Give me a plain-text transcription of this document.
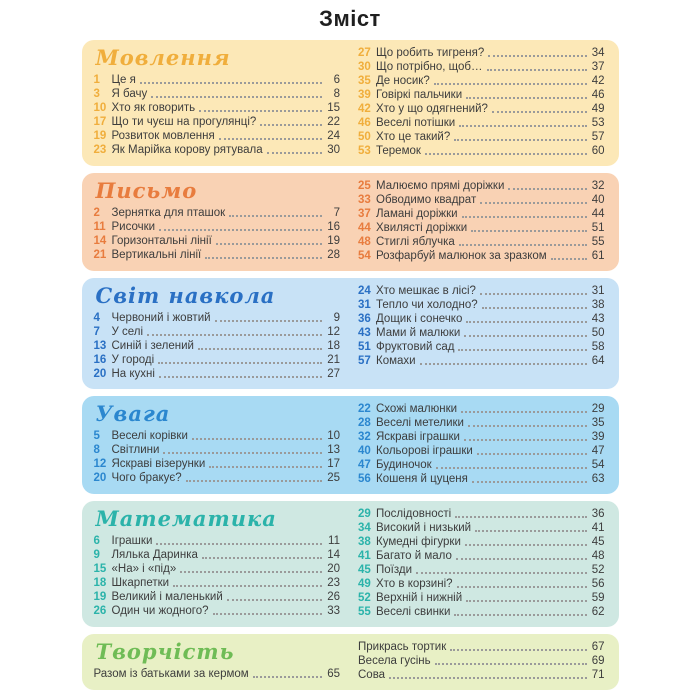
Зміст
Мовлення
1	Це я	6
3	Я бачу	8
10 Хто як говорить	15
17 Що ти чуєш на прогулянці?	22
19 Розвиток мовлення	24
23 Як Марійка корову рятувала	30
27 Що робить тигреня?	34
30 Що потрібно, щоб…	37
35 Де носик?	42
39 Говіркі пальчики	46
42 Хто у що одягнений?	49
46 Веселі потішки	53
50 Хто це такий?	57
53 Теремок	60
Письмо
2	Зернятка для пташок	7
11 Рисочки	16
14 Горизонтальні лінії	19
21 Вертикальні лінії	28
25 Малюємо прямі доріжки	32
33 Обводимо квадрат	40
37 Ламані доріжки	44
44 Хвилясті доріжки	51
48 Стиглі яблучка	55
54 Розфарбуй малюнок за зразком	61
Світ навкола
4	Червоний і жовтий	9
7	У селі	12
13 Синій і зелений	18
16 У городі	21
20 На кухні	27
24 Хто мешкає в лісі?	31
31 Тепло чи холодно?	38
36 Дощик і сонечко	43
43 Мами й малюки	50
51 Фруктовий сад	58
57 Комахи	64
Увага
5	Веселі корівки	10
8	Світлини	13
12 Яскраві візерунки	17
20 Чого бракує?	25
22 Схожі малюнки	29
28 Веселі метелики	35
32 Яскраві іграшки	39
40 Кольорові іграшки	47
47 Будиночок	54
56 Кошеня й цуценя	63
Математика
6	Іграшки	11
9	Лялька Даринка	14
15 «На» і «під»	20
18 Шкарпетки	23
19 Великий і маленький	26
26 Один чи жодного?	33
29 Послідовності	36
34 Високий і низький	41
38 Кумедні фігурки	45
41 Багато й мало	48
45 Поїзди	52
49 Хто в корзині?	56
52 Верхній і нижній	59
55 Веселі свинки	62
Творчість
Разом із батьками за кермом	65
Прикрась тортик	67
Весела гусінь	69
Сова	71
